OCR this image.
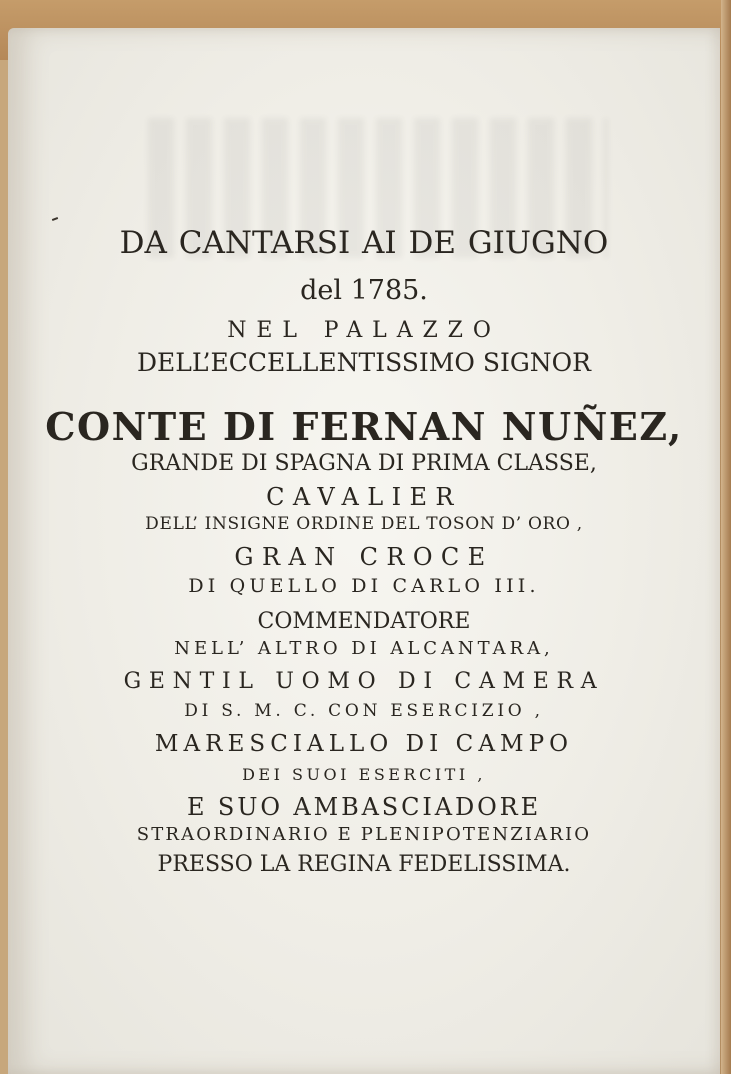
DA CANTARSI AI DE GIUGNO
del 1785.
NEL PALAZZO
DELL’ECCELLENTISSIMO SIGNOR
CONTE DI FERNAN NUÑEZ,
GRANDE DI SPAGNA DI PRIMA CLASSE,
CAVALIER
DELL’ INSIGNE ORDINE DEL TOSON D’ ORO ,
GRAN CROCE
DI QUELLO DI CARLO III.
COMMENDATORE
NELL’ ALTRO DI ALCANTARA,
GENTIL UOMO DI CAMERA
DI S. M. C. CON ESERCIZIO ,
MARESCIALLO DI CAMPO
DEI SUOI ESERCITI ,
E SUO AMBASCIADORE
STRAORDINARIO E PLENIPOTENZIARIO
PRESSO LA REGINA FEDELISSIMA.
